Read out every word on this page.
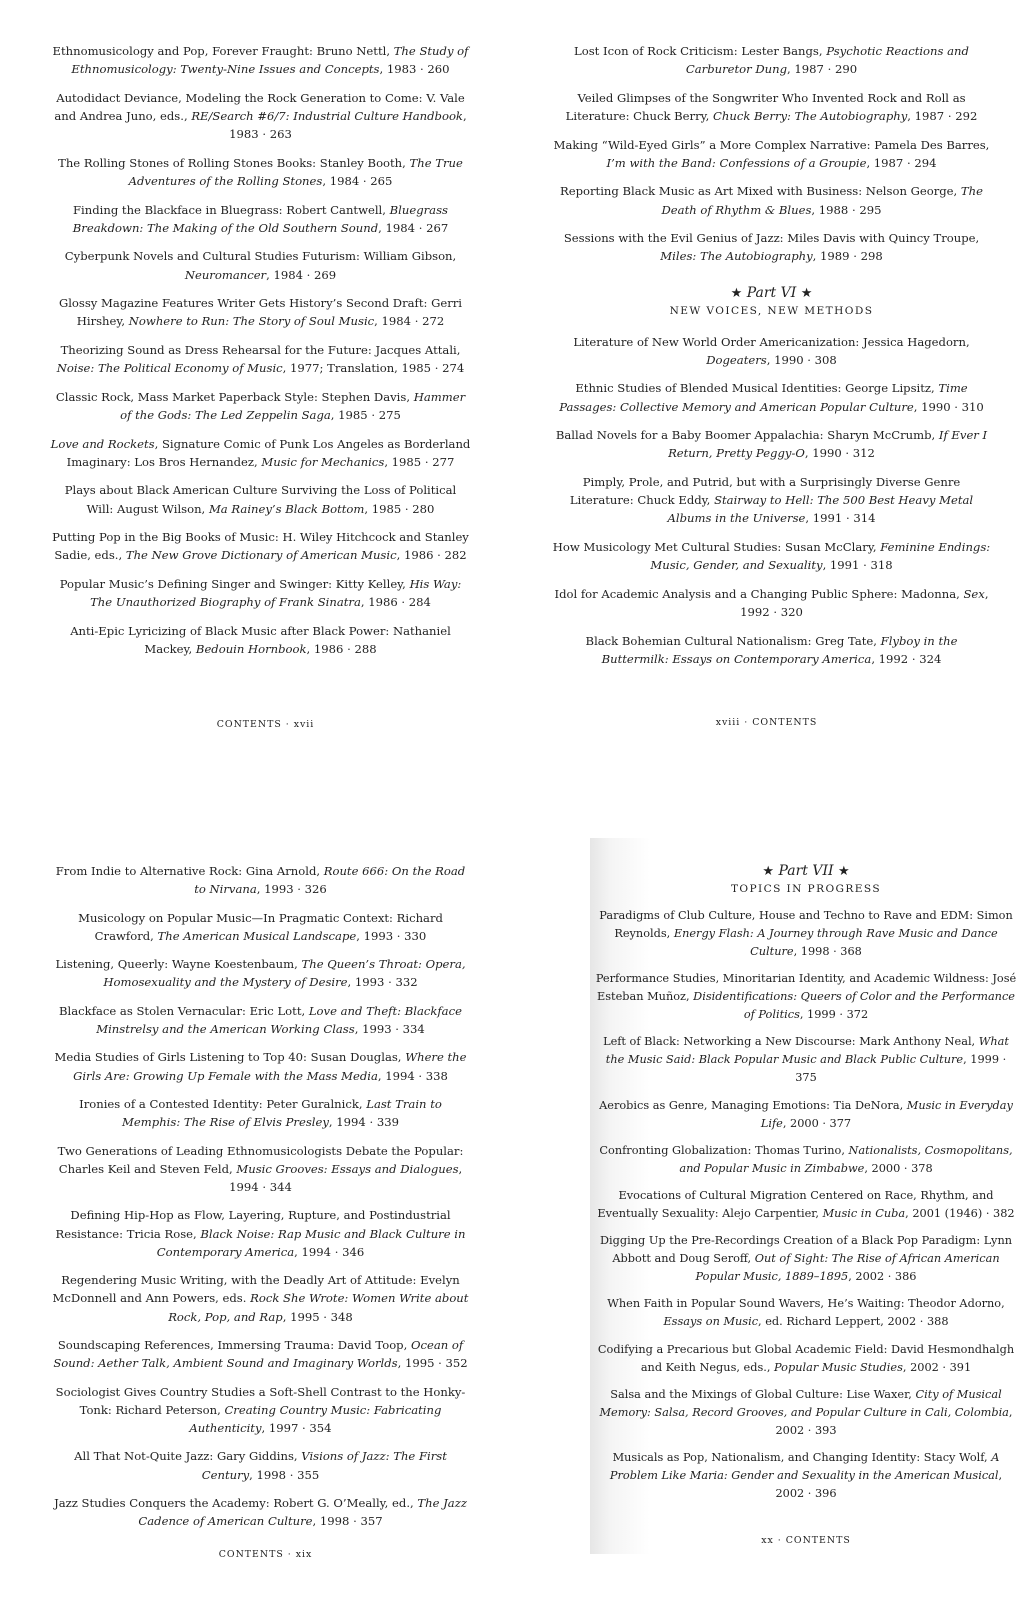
Ethnomusicology and Pop, Forever Fraught: Bruno Nettl, The Study of Ethnomusicology: Twenty-Nine Issues and Concepts, 1983 · 260
Autodidact Deviance, Modeling the Rock Generation to Come: V. Vale and Andrea Juno, eds., RE/Search #6/7: Industrial Culture Handbook, 1983 · 263
The Rolling Stones of Rolling Stones Books: Stanley Booth, The True Adventures of the Rolling Stones, 1984 · 265
Finding the Blackface in Bluegrass: Robert Cantwell, Bluegrass Breakdown: The Making of the Old Southern Sound, 1984 · 267
Cyberpunk Novels and Cultural Studies Futurism: William Gibson, Neuromancer, 1984 · 269
Glossy Magazine Features Writer Gets History’s Second Draft: Gerri Hirshey, Nowhere to Run: The Story of Soul Music, 1984 · 272
Theorizing Sound as Dress Rehearsal for the Future: Jacques Attali, Noise: The Political Economy of Music, 1977; Translation, 1985 · 274
Classic Rock, Mass Market Paperback Style: Stephen Davis, Hammer of the Gods: The Led Zeppelin Saga, 1985 · 275
Love and Rockets, Signature Comic of Punk Los Angeles as Borderland Imaginary: Los Bros Hernandez, Music for Mechanics, 1985 · 277
Plays about Black American Culture Surviving the Loss of Political Will: August Wilson, Ma Rainey’s Black Bottom, 1985 · 280
Putting Pop in the Big Books of Music: H. Wiley Hitchcock and Stanley Sadie, eds., The New Grove Dictionary of American Music, 1986 · 282
Popular Music’s Defining Singer and Swinger: Kitty Kelley, His Way: The Unauthorized Biography of Frank Sinatra, 1986 · 284
Anti-Epic Lyricizing of Black Music after Black Power: Nathaniel Mackey, Bedouin Hornbook, 1986 · 288
CONTENTS · xvii
Lost Icon of Rock Criticism: Lester Bangs, Psychotic Reactions and Carburetor Dung, 1987 · 290
Veiled Glimpses of the Songwriter Who Invented Rock and Roll as Literature: Chuck Berry, Chuck Berry: The Autobiography, 1987 · 292
Making “Wild-Eyed Girls” a More Complex Narrative: Pamela Des Barres, I’m with the Band: Confessions of a Groupie, 1987 · 294
Reporting Black Music as Art Mixed with Business: Nelson George, The Death of Rhythm & Blues, 1988 · 295
Sessions with the Evil Genius of Jazz: Miles Davis with Quincy Troupe, Miles: The Autobiography, 1989 · 298
★ Part VI ★
NEW VOICES, NEW METHODS
Literature of New World Order Americanization: Jessica Hagedorn, Dogeaters, 1990 · 308
Ethnic Studies of Blended Musical Identities: George Lipsitz, Time Passages: Collective Memory and American Popular Culture, 1990 · 310
Ballad Novels for a Baby Boomer Appalachia: Sharyn McCrumb, If Ever I Return, Pretty Peggy-O, 1990 · 312
Pimply, Prole, and Putrid, but with a Surprisingly Diverse Genre Literature: Chuck Eddy, Stairway to Hell: The 500 Best Heavy Metal Albums in the Universe, 1991 · 314
How Musicology Met Cultural Studies: Susan McClary, Feminine Endings: Music, Gender, and Sexuality, 1991 · 318
Idol for Academic Analysis and a Changing Public Sphere: Madonna, Sex, 1992 · 320
Black Bohemian Cultural Nationalism: Greg Tate, Flyboy in the Buttermilk: Essays on Contemporary America, 1992 · 324
xviii · CONTENTS
From Indie to Alternative Rock: Gina Arnold, Route 666: On the Road to Nirvana, 1993 · 326
Musicology on Popular Music—In Pragmatic Context: Richard Crawford, The American Musical Landscape, 1993 · 330
Listening, Queerly: Wayne Koestenbaum, The Queen’s Throat: Opera, Homosexuality and the Mystery of Desire, 1993 · 332
Blackface as Stolen Vernacular: Eric Lott, Love and Theft: Blackface Minstrelsy and the American Working Class, 1993 · 334
Media Studies of Girls Listening to Top 40: Susan Douglas, Where the Girls Are: Growing Up Female with the Mass Media, 1994 · 338
Ironies of a Contested Identity: Peter Guralnick, Last Train to Memphis: The Rise of Elvis Presley, 1994 · 339
Two Generations of Leading Ethnomusicologists Debate the Popular: Charles Keil and Steven Feld, Music Grooves: Essays and Dialogues, 1994 · 344
Defining Hip-Hop as Flow, Layering, Rupture, and Postindustrial Resistance: Tricia Rose, Black Noise: Rap Music and Black Culture in Contemporary America, 1994 · 346
Regendering Music Writing, with the Deadly Art of Attitude: Evelyn McDonnell and Ann Powers, eds. Rock She Wrote: Women Write about Rock, Pop, and Rap, 1995 · 348
Soundscaping References, Immersing Trauma: David Toop, Ocean of Sound: Aether Talk, Ambient Sound and Imaginary Worlds, 1995 · 352
Sociologist Gives Country Studies a Soft-Shell Contrast to the Honky-Tonk: Richard Peterson, Creating Country Music: Fabricating Authenticity, 1997 · 354
All That Not-Quite Jazz: Gary Giddins, Visions of Jazz: The First Century, 1998 · 355
Jazz Studies Conquers the Academy: Robert G. O’Meally, ed., The Jazz Cadence of American Culture, 1998 · 357
CONTENTS · xix
★ Part VII ★
TOPICS IN PROGRESS
Paradigms of Club Culture, House and Techno to Rave and EDM: Simon Reynolds, Energy Flash: A Journey through Rave Music and Dance Culture, 1998 · 368
Performance Studies, Minoritarian Identity, and Academic Wildness: José Esteban Muñoz, Disidentifications: Queers of Color and the Performance of Politics, 1999 · 372
Left of Black: Networking a New Discourse: Mark Anthony Neal, What the Music Said: Black Popular Music and Black Public Culture, 1999 · 375
Aerobics as Genre, Managing Emotions: Tia DeNora, Music in Everyday Life, 2000 · 377
Confronting Globalization: Thomas Turino, Nationalists, Cosmopolitans, and Popular Music in Zimbabwe, 2000 · 378
Evocations of Cultural Migration Centered on Race, Rhythm, and Eventually Sexuality: Alejo Carpentier, Music in Cuba, 2001 (1946) · 382
Digging Up the Pre-Recordings Creation of a Black Pop Paradigm: Lynn Abbott and Doug Seroff, Out of Sight: The Rise of African American Popular Music, 1889–1895, 2002 · 386
When Faith in Popular Sound Wavers, He’s Waiting: Theodor Adorno, Essays on Music, ed. Richard Leppert, 2002 · 388
Codifying a Precarious but Global Academic Field: David Hesmondhalgh and Keith Negus, eds., Popular Music Studies, 2002 · 391
Salsa and the Mixings of Global Culture: Lise Waxer, City of Musical Memory: Salsa, Record Grooves, and Popular Culture in Cali, Colombia, 2002 · 393
Musicals as Pop, Nationalism, and Changing Identity: Stacy Wolf, A Problem Like Maria: Gender and Sexuality in the American Musical, 2002 · 396
xx · CONTENTS
